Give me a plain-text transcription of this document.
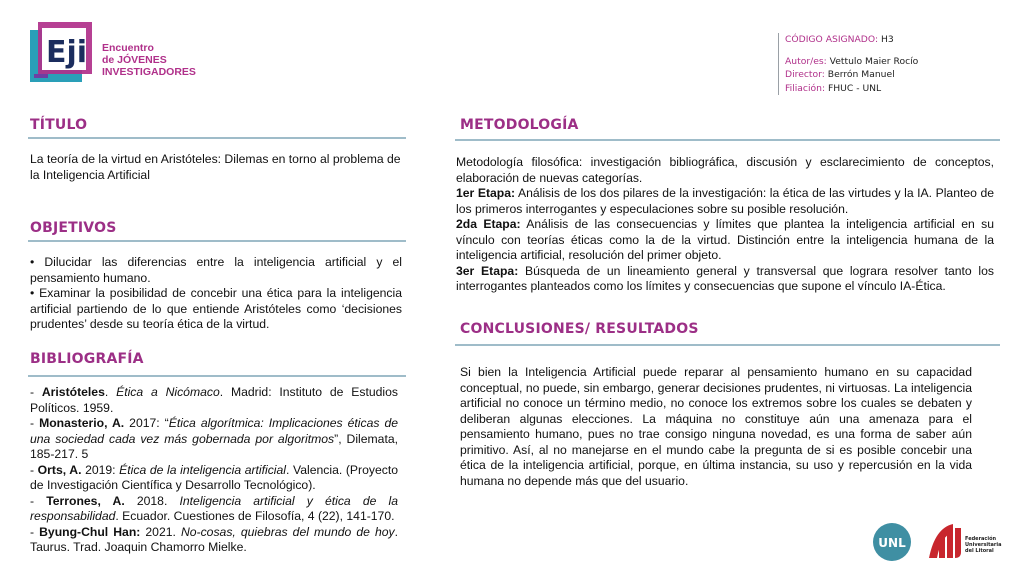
Eji Encuentro
de JÓVENES
INVESTIGADORES
CÓDIGO ASIGNADO: H3
Autor/es: Vettulo Maier Rocío
Director: Berrón Manuel
Filiación: FHUC - UNL
TÍTULO
La teoría de la virtud en Aristóteles: Dilemas en torno al problema de la Inteligencia Artificial
OBJETIVOS

• Dilucidar las diferencias entre la inteligencia artificial y el pensamiento humano.

• Examinar la posibilidad de concebir una ética para la inteligencia artificial partiendo de lo que entiende Aristóteles como ‘decisiones prudentes’ desde su teoría ética de la virtud.

BIBLIOGRAFÍA

- Aristóteles. Ética a Nicómaco. Madrid: Instituto de Estudios Políticos. 1959.

- Monasterio, A. 2017: “Ética algorítmica: Implicaciones éticas de una sociedad cada vez más gobernada por algoritmos”, Dilemata, 185-217. 5

- Orts, A. 2019: Ética de la inteligencia artificial. Valencia. (Proyecto de Investigación Científica y Desarrollo Tecnológico).

- Terrones, A. 2018. Inteligencia artificial y ética de la responsabilidad. Ecuador. Cuestiones de Filosofía, 4 (22), 141-170.

- Byung-Chul Han: 2021. No-cosas, quiebras del mundo de hoy. Taurus. Trad. Joaquin Chamorro Mielke.

METODOLOGÍA

Metodología filosófica: investigación bibliográfica, discusión y esclarecimiento de conceptos, elaboración de nuevas categorías.

1er Etapa: Análisis de los dos pilares de la investigación: la ética de las virtudes y la IA. Planteo de los primeros interrogantes y especulaciones sobre su posible resolución.

2da Etapa: Análisis de las consecuencias y límites que plantea la inteligencia artificial en su vínculo con teorías éticas como la de la virtud. Distinción entre la inteligencia humana de la inteligencia artificial, resolución del primer objeto.

3er Etapa: Búsqueda de un lineamiento general y transversal que lograra resolver tanto los interrogantes planteados como los límites y consecuencias que supone el vínculo IA-Ética.

CONCLUSIONES/ RESULTADOS
Si bien la Inteligencia Artificial puede reparar al pensamiento humano en su capacidad conceptual, no puede, sin embargo, generar decisiones prudentes, ni virtuosas. La inteligencia artificial no conoce un término medio, no conoce los extremos sobre los cuales se debaten y deliberan algunas elecciones. La máquina no constituye aún una amenaza para el pensamiento humano, pues no trae consigo ninguna novedad, es una forma de saber aún primitivo. Así, al no manejarse en el mundo cabe la pregunta de si es posible concebir una ética de la inteligencia artificial, porque, en última instancia, su uso y repercusión en la vida humana no depende más que del usuario.
UNL	Federación
Universitaria
del Litoral
